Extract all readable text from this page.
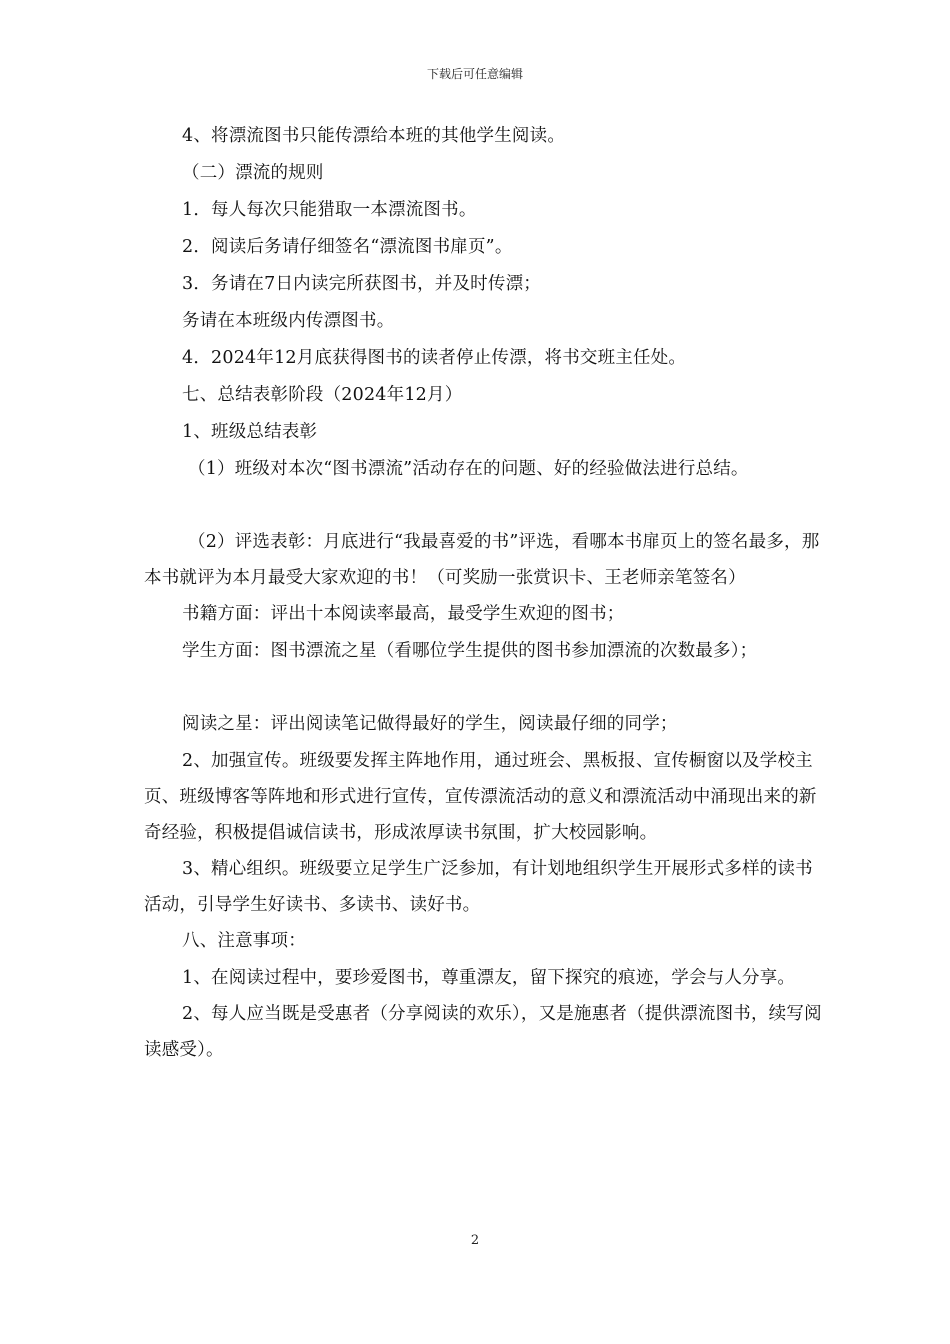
下载后可任意编辑

4、将漂流图书只能传漂给本班的其他学生阅读。

（二）漂流的规则

1．每人每次只能猎取一本漂流图书。

2．阅读后务请仔细签名“漂流图书扉页”。

3．务请在7日内读完所获图书，并及时传漂；

务请在本班级内传漂图书。

4．2024年12月底获得图书的读者停止传漂，将书交班主任处。

七、总结表彰阶段（2024年12月）

1、班级总结表彰

（1）班级对本次“图书漂流”活动存在的问题、好的经验做法进行总结。

（2）评选表彰：月底进行“我最喜爱的书”评选，看哪本书扉页上的签名最多，那本书就评为本月最受大家欢迎的书！（可奖励一张赏识卡、王老师亲笔签名）

书籍方面：评出十本阅读率最高，最受学生欢迎的图书；

学生方面：图书漂流之星（看哪位学生提供的图书参加漂流的次数最多）；

阅读之星：评出阅读笔记做得最好的学生，阅读最仔细的同学；

2、加强宣传。班级要发挥主阵地作用，通过班会、黑板报、宣传橱窗以及学校主页、班级博客等阵地和形式进行宣传，宣传漂流活动的意义和漂流活动中涌现出来的新奇经验，积极提倡诚信读书，形成浓厚读书氛围，扩大校园影响。

3、精心组织。班级要立足学生广泛参加，有计划地组织学生开展形式多样的读书活动，引导学生好读书、多读书、读好书。

八、注意事项：

1、在阅读过程中，要珍爱图书，尊重漂友，留下探究的痕迹，学会与人分享。

2、每人应当既是受惠者（分享阅读的欢乐），又是施惠者（提供漂流图书，续写阅读感受）。

2
